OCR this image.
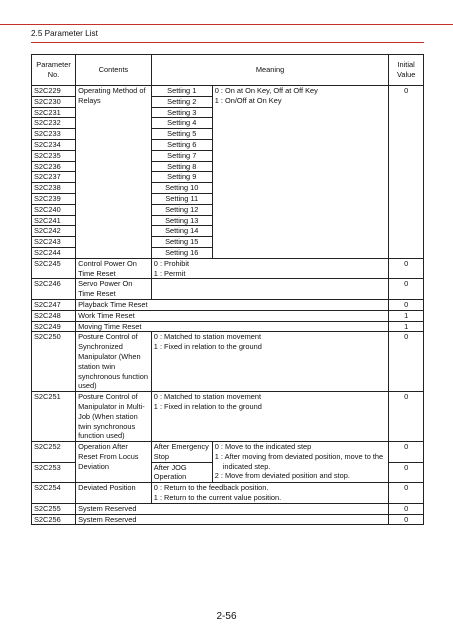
2.5 Parameter List
Parameter No.	Contents	Meaning		Initial Value
S2C229	Operating Method of Relays	Setting 1	0 : On at On Key, Off at Off Key
1 : On/Off at On Key	0
S2C230		Setting 2		
S2C231		Setting 3		
S2C232		Setting 4		
S2C233		Setting 5		
S2C234		Setting 6		
S2C235		Setting 7		
S2C236		Setting 8		
S2C237		Setting 9		
S2C238		Setting 10		
S2C239		Setting 11		
S2C240		Setting 12		
S2C241		Setting 13		
S2C242		Setting 14		
S2C243		Setting 15		
S2C244		Setting 16		
S2C245	Control Power On Time Reset	0 : Prohibit
1 : Permit		0
S2C246	Servo Power On Time Reset			0
S2C247	Playback Time Reset			0
S2C248	Work Time Reset			1
S2C249	Moving Time Reset			1
S2C250	Posture Control of Synchronized Manipulator (When station twin synchronous function used)	0 : Matched to station movement
1 : Fixed in relation to the ground		0
S2C251	Posture Control of Manipulator in Multi-Job (When station twin synchronous function used)	0 : Matched to station movement
1 : Fixed in relation to the ground		0
S2C252	Operation After Reset From Locus Deviation	After Emergency Stop	0 : Move to the indicated step
1 : After moving from deviated position, move to the indicated step.
2 : Move from deviated position and stop.	0
S2C253		After JOG Operation		0
S2C254	Deviated Position	0 : Return to the feedback position.
1 : Return to the current value position.		0
S2C255	System Reserved			0
S2C256	System Reserved			0
2-56
